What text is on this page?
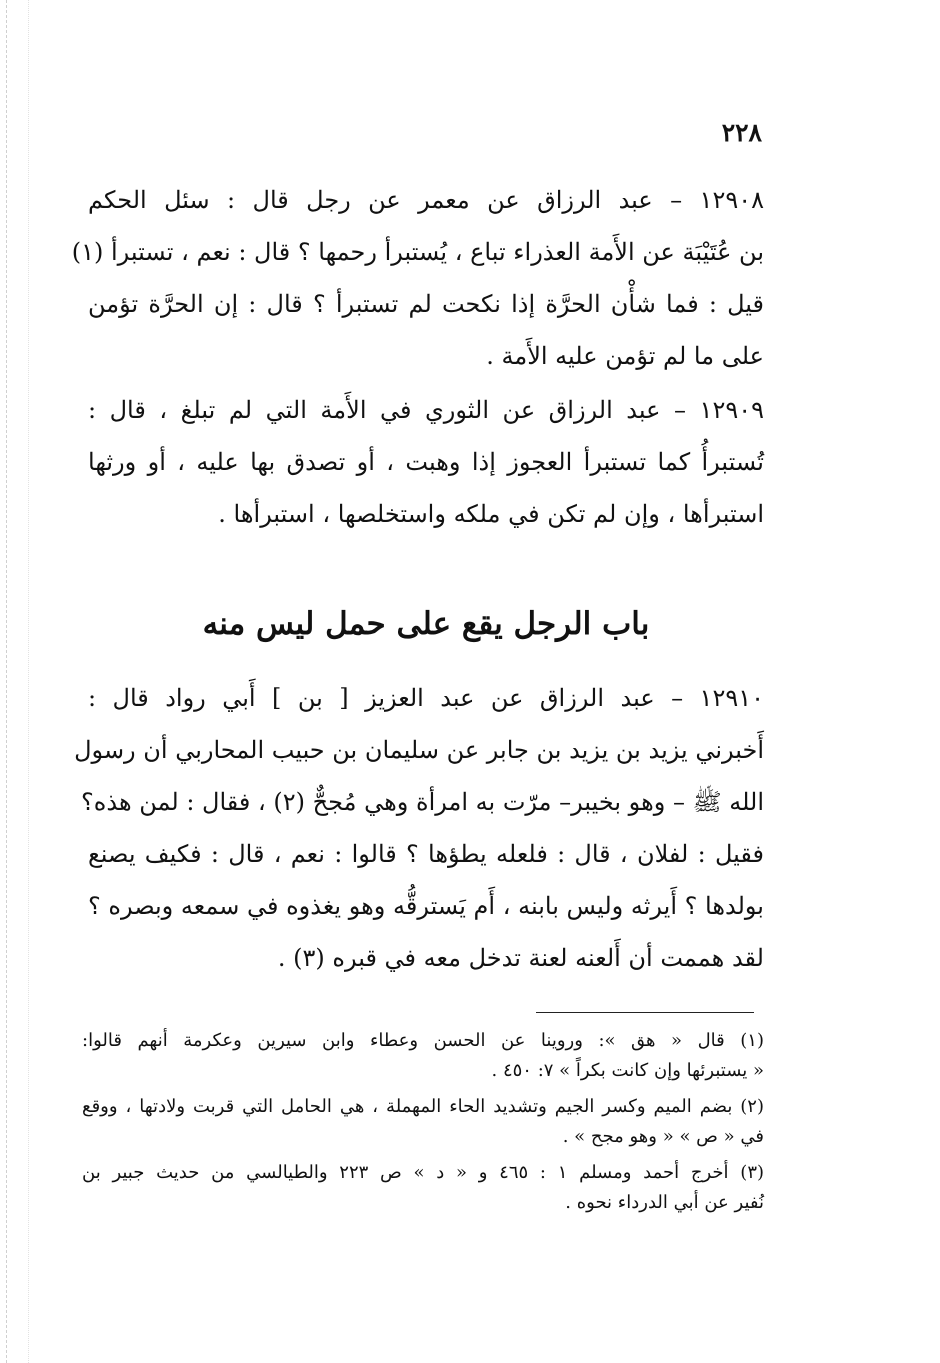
٢٢٨
١٢٩٠٨ – عبد الرزاق عن معمر عن رجل قال : سئل الحكم
بن عُتَيْبَة عن الأَمة العذراء تباع ، يُستبرأ رحمها ؟ قال : نعم ، تستبرأ (١)
قيل : فما شأْن الحرَّة إذا نكحت لم تستبرأ ؟ قال : إن الحرَّة تؤمن
على ما لم تؤمن عليه الأَمة .
١٢٩٠٩ – عبد الرزاق عن الثوري في الأَمة التي لم تبلغ ، قال :
تُستبرأُ كما تستبرأ العجوز إذا وهبت ، أو تصدق بها عليه ، أو ورثها
استبرأها ، وإن لم تكن في ملكه واستخلصها ، استبرأها .
باب الرجل يقع على حمل ليس منه
١٢٩١٠ – عبد الرزاق عن عبد العزيز [ بن ] أَبي رواد قال :
أَخبرني يزيد بن يزيد بن جابر عن سليمان بن حبيب المحاربي أن رسول
الله ﷺ – وهو بخيبر– مرّت به امرأة وهي مُجحٌّ (٢) ، فقال : لمن هذه؟
فقيل : لفلان ، قال : فلعله يطؤها ؟ قالوا : نعم ، قال : فكيف يصنع
بولدها ؟ أَيرثه وليس بابنه ، أَم يَسترقُّه وهو يغذوه في سمعه وبصره ؟
لقد هممت أن أَلعنه لعنة تدخل معه في قبره (٣) .
(١) قال « هق »: وروينا عن الحسن وعطاء وابن سيرين وعكرمة أنهم قالوا:
« يستبرئها وإن كانت بكراً » ٧: ٤٥٠ .
(٢) بضم الميم وكسر الجيم وتشديد الحاء المهملة ، هي الحامل التي قربت ولادتها ، ووقع
في « ص » « وهو مجح » .
(٣) أخرج أحمد ومسلم ١ : ٤٦٥ و « د » ص ٢٢٣ والطيالسي من حديث جبير بن
نُفير عن أبي الدرداء نحوه .
